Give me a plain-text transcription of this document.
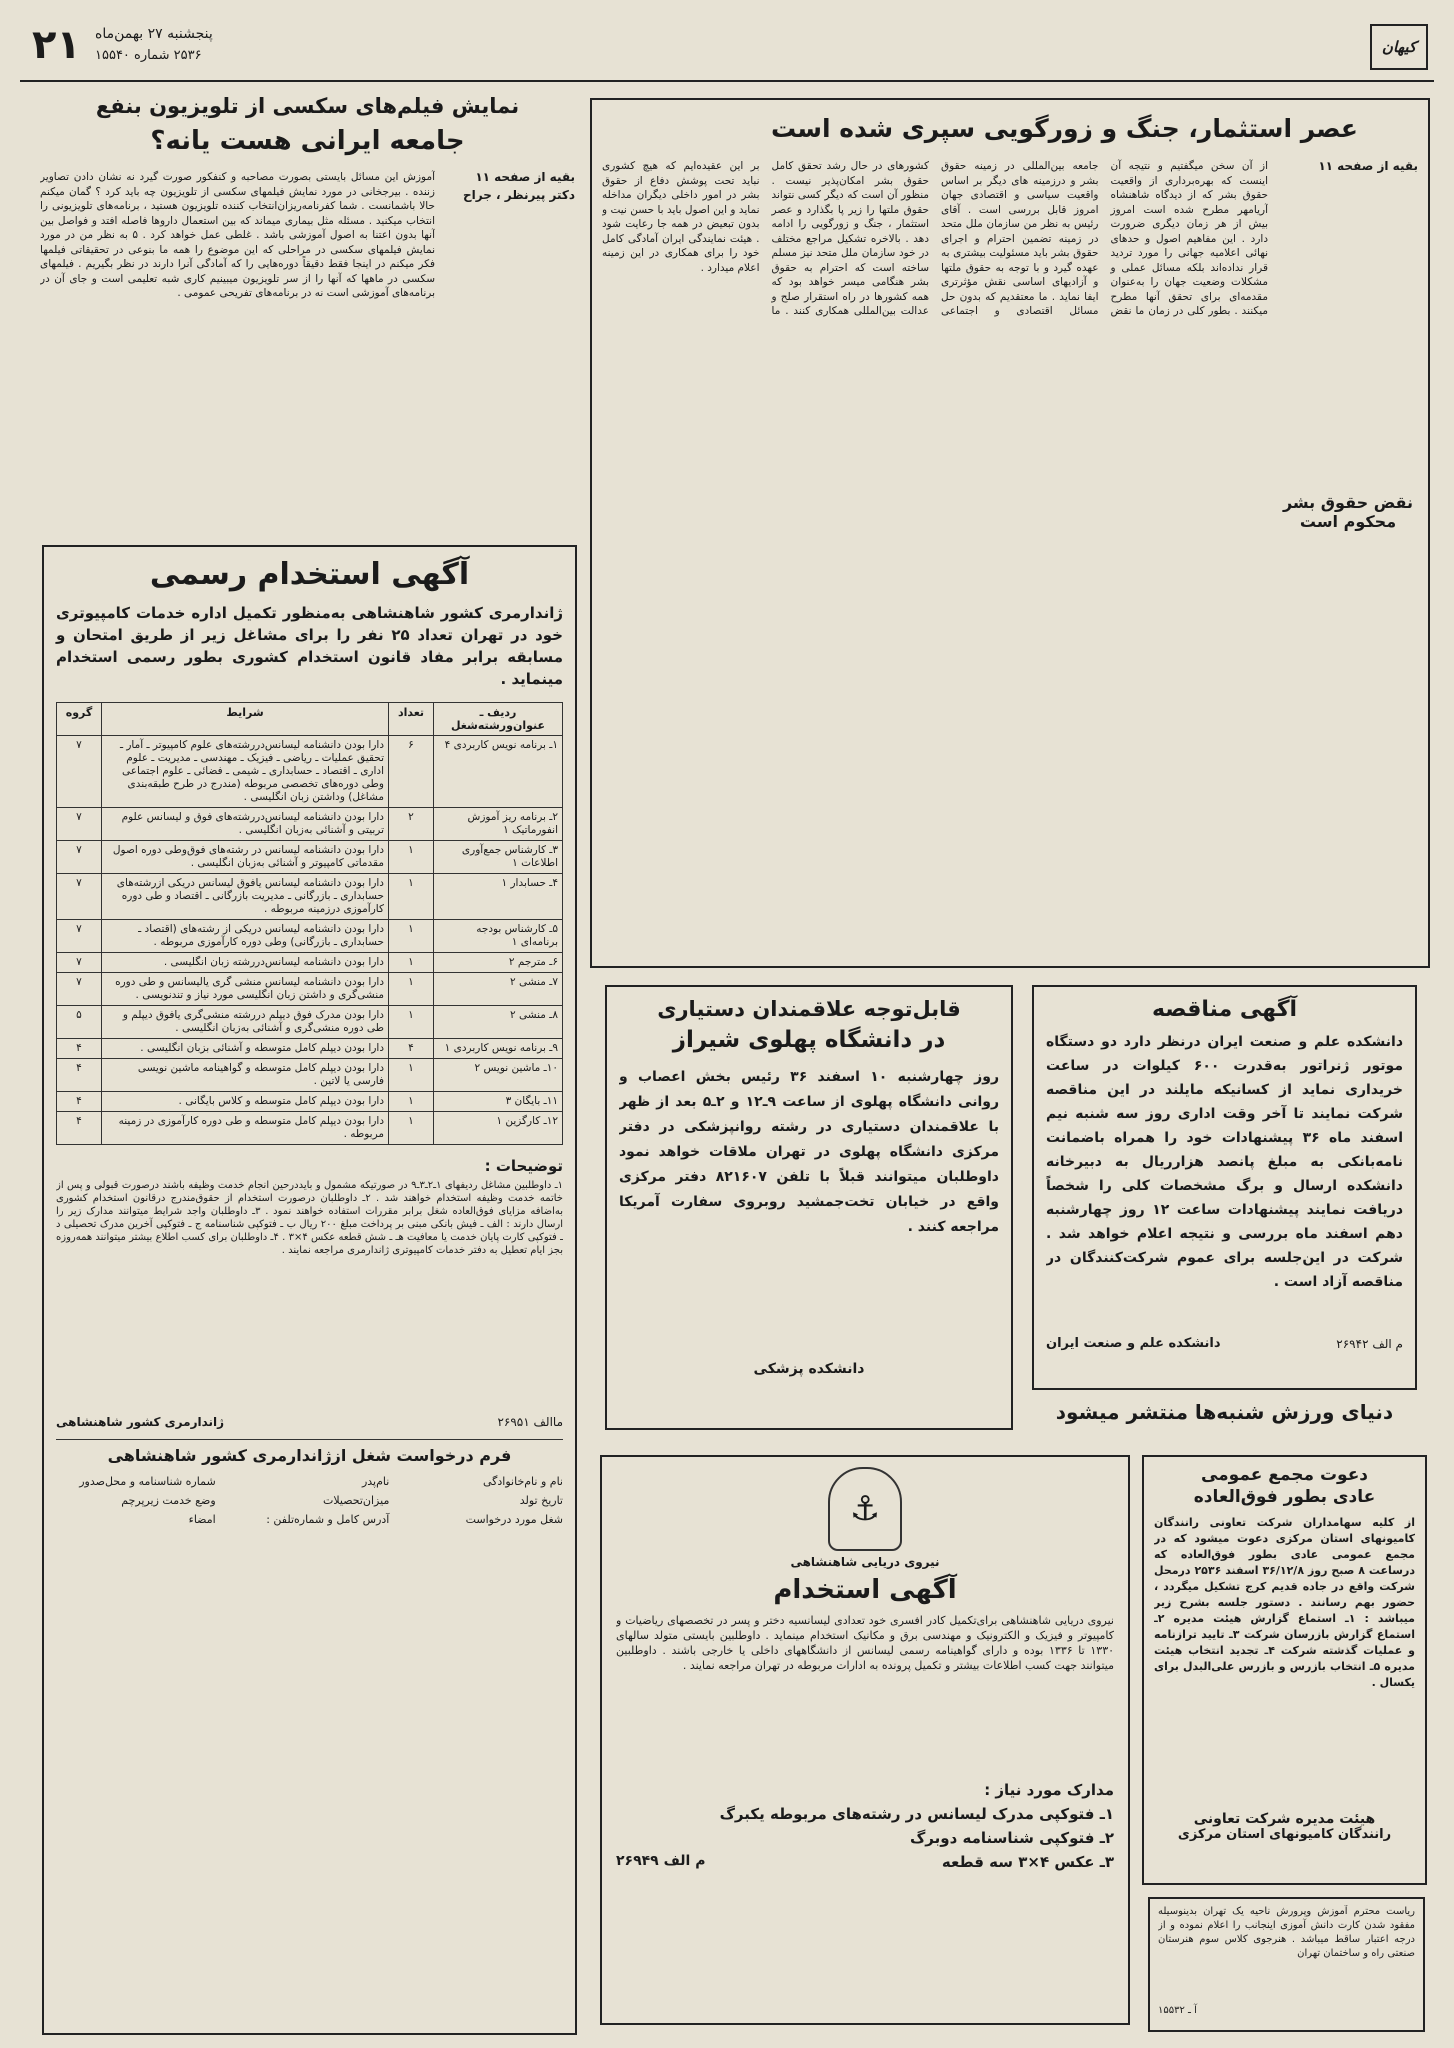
۲۱ پنجشنبه ۲۷ بهمن‌ماه
۲۵۳۶ شماره ۱۵۵۴۰	کیهان
نمایش فیلم‌های سکسی از تلویزیون بنفع
جامعه ایرانی هست یانه؟
بقیه از صفحه ۱۱
دکتر پیرنظر ، جراح
آموزش این مسائل بایستی بصورت مصاحبه و کنفکور صورت گیرد نه نشان دادن تصاویر زننده . بیرجخانی در مورد نمایش فیلمهای سکسی از تلویزیون چه باید کرد ؟ گمان میکنم حالا باشمانست . شما کفرنامه‌ریزان‌انتخاب کننده تلویزیون هستید ، برنامه‌های تلویزیونی را انتخاب میکنید . مسئله مثل بیماری میماند که بین استعمال داروها فاصله افتد و فواصل بین آنها بدون اعتنا به اصول آموزشی باشد . غلطی عمل خواهد کرد . ۵ به نظر من در مورد نمایش فیلمهای سکسی در مراحلی که این موضوع را همه ما بنوعی در تحقیقاتی فیلمها فکر میکنم در اینجا فقط دقیقاً دوره‌هایی را که آمادگی آنرا دارند در نظر بگیریم . فیلمهای سکسی در ماهها که آنها را از سر تلویزیون میبینیم کاری شبه تعلیمی است و جای آن در برنامه‌های آموزشی است نه در برنامه‌های تفریحی عمومی .
عصر استثمار، جنگ و زورگویی سپری شده است
بقیه از صفحه ۱۱
نقض حقوق بشر محکوم است
از آن سخن میگفتیم و نتیجه آن اینست که بهره‌برداری از واقعیت حقوق بشر که از دیدگاه شاهنشاه آریامهر مطرح شده است امروز بیش از هر زمان دیگری ضرورت دارد . این مفاهیم اصول و حدهای نهائی اعلامیه جهانی را مورد تردید قرار نداده‌اند بلکه مسائل عملی و مشکلات وضعیت جهان را به‌عنوان مقدمه‌ای برای تحقق آنها مطرح میکنند . بطور کلی در زمان ما نقض جامعه بین‌المللی در زمینه حقوق بشر و درزمینه های دیگر بر اساس واقعیت سیاسی و اقتصادی جهان امروز قابل بررسی است . آقای رئیس به نظر من سازمان ملل متحد در زمینه تضمین احترام و اجرای حقوق بشر باید مسئولیت بیشتری به عهده گیرد و با توجه به حقوق ملتها و آزادیهای اساسی نقش مؤثرتری ایفا نماید . ما معتقدیم که بدون حل مسائل اقتصادی و اجتماعی کشورهای در حال رشد تحقق کامل حقوق بشر امکان‌پذیر نیست . منظور آن است که دیگر کسی نتواند حقوق ملتها را زیر پا بگذارد و عصر استثمار ، جنگ و زورگویی را ادامه دهد . بالاخره تشکیل مراجع مختلف در خود سازمان ملل متحد نیز مسلم ساخته است که احترام به حقوق بشر هنگامی میسر خواهد بود که همه کشورها در راه استقرار صلح و عدالت بین‌المللی همکاری کنند . ما بر این عقیده‌ایم که هیچ کشوری نباید تحت پوشش دفاع از حقوق بشر در امور داخلی دیگران مداخله نماید و این اصول باید با حسن نیت و بدون تبعیض در همه جا رعایت شود . هیئت نمایندگی ایران آمادگی کامل خود را برای همکاری در این زمینه اعلام میدارد .
آگهی استخدام رسمی
ژاندارمری کشور شاهنشاهی به‌منظور تکمیل اداره خدمات کامپیوتری خود در تهران تعداد ۲۵ نفر را برای مشاغل زیر از طریق امتحان و مسابقه برابر مفاد قانون استخدام کشوری بطور رسمی استخدام مینماید .
ردیف ـ عنوان‌ورشته‌شغل	تعداد	شرایط	گروه
۱ـ برنامه نویس کاربردی ۴	۶	دارا بودن دانشنامه لیسانس‌دررشته‌های علوم کامپیوتر ـ آمار ـ تحقیق عملیات ـ ریاضی ـ فیزیک ـ مهندسی ـ مدیریت ـ علوم اداری ـ اقتصاد ـ حسابداری ـ شیمی ـ فضائی ـ علوم اجتماعی وطی دوره‌های تخصصی مربوطه (مندرج در طرح طبقه‌بندی مشاغل) وداشتن زبان انگلیسی .	۷
۲ـ برنامه ریز آموزش انفورماتیک ۱	۲	دارا بودن دانشنامه لیسانس‌دررشته‌های فوق و لیسانس علوم تربیتی و آشنائی به‌زبان انگلیسی .	۷
۳ـ کارشناس جمع‌آوری اطلاعات ۱	۱	دارا بودن دانشنامه لیسانس در رشته‌های فوق‌وطی دوره اصول مقدماتی کامپیوتر و آشنائی به‌زبان انگلیسی .	۷
۴ـ حسابدار ۱	۱	دارا بودن دانشنامه لیسانس یافوق لیسانس دریکی ازرشته‌های حسابداری ـ بازرگانی ـ مدیریت بازرگانی ـ اقتصاد و طی دوره کارآموزی درزمینه مربوطه .	۷
۵ـ کارشناس بودجه برنامه‌ای ۱	۱	دارا بودن دانشنامه لیسانس دریکی از رشته‌های (اقتصاد ـ حسابداری ـ بازرگانی) وطی دوره کارآموزی مربوطه .	۷
۶ـ مترجم ۲	۱	دارا بودن دانشنامه لیسانس‌دررشته زبان انگلیسی .	۷
۷ـ منشی ۲	۱	دارا بودن دانشنامه لیسانس منشی گری یالیسانس و طی دوره منشی‌گری و داشتن زبان انگلیسی مورد نیاز و تندنویسی .	۷
۸ـ منشی ۲	۱	دارا بودن مدرک فوق دیپلم دررشته منشی‌گری یافوق دیپلم و طی دوره منشی‌گری و آشنائی به‌زبان انگلیسی .	۵
۹ـ برنامه نویس کاربردی ۱	۴	دارا بودن دیپلم کامل متوسطه و آشنائی بزبان انگلیسی .	۴
۱۰ـ ماشین نویس ۲	۱	دارا بودن دیپلم کامل متوسطه و گواهینامه ماشین نویسی فارسی یا لاتین .	۴
۱۱ـ بایگان ۳	۱	دارا بودن دیپلم کامل متوسطه و کلاس بایگانی .	۴
۱۲ـ کارگزین ۱	۱	دارا بودن دیپلم کامل متوسطه و طی دوره کارآموزی در زمینه مربوطه .	۴
توضیحات :
۱ـ داوطلبین مشاغل ردیفهای ۱ـ۲ـ۳ـ۹ در صورتیکه مشمول و بایددرحین انجام خدمت وظیفه باشند درصورت قبولی و پس از خاتمه خدمت وظیفه استخدام خواهند شد . ۲ـ داوطلبان درصورت استخدام از حقوق‌مندرج درقانون استخدام کشوری به‌اضافه مزایای فوق‌العاده شغل برابر مقررات استفاده خواهند نمود . ۳ـ داوطلبان واجد شرایط میتوانند مدارک زیر را ارسال دارند : الف ـ فیش بانکی مبنی بر پرداخت مبلغ ۲۰۰ ریال ب ـ فتوکپی شناسنامه ج ـ فتوکپی آخرین مدرک تحصیلی د ـ فتوکپی کارت پایان خدمت یا معافیت هـ ـ شش قطعه عکس ۴×۳ . ۴ـ داوطلبان برای کسب اطلاع بیشتر میتوانند همه‌روزه بجز ایام تعطیل به دفتر خدمات کامپیوتری ژاندارمری مراجعه نمایند .
ماالف ۲۶۹۵۱
ژاندارمری کشور شاهنشاهی
فرم درخواست شغل ازژاندارمری کشور شاهنشاهی
نام و نام‌خانوادگی
نام‌پدر
شماره شناسنامه و محل‌صدور
تاریخ تولد
میزان‌تحصیلات
وضع خدمت زیرپرچم
شغل مورد درخواست
آدرس کامل و شماره‌تلفن :
امضاء
آگهی مناقصه
دانشکده علم و صنعت ایران درنظر دارد دو دستگاه موتور ژنراتور به‌قدرت ۶۰۰ کیلوات در ساعت خریداری نماید از کسانیکه مایلند در این مناقصه شرکت نمایند تا آخر وقت اداری روز سه شنبه نیم اسفند ماه ۳۶ پیشنهادات خود را همراه باضمانت نامه‌بانکی به مبلغ پانصد هزارریال به دبیرخانه دانشکده ارسال و برگ مشخصات کلی را شخصاً دریافت نمایند پیشنهادات ساعت ۱۲ روز چهارشنبه دهم اسفند ماه بررسی و نتیجه اعلام خواهد شد . شرکت در این‌جلسه برای عموم شرکت‌کنندگان در مناقصه آزاد است .
م الف ۲۶۹۴۲
دانشکده علم و صنعت ایران
قابل‌توجه علاقمندان دستیاری
در دانشگاه پهلوی شیراز
روز چهارشنبه ۱۰ اسفند ۳۶ رئیس بخش اعصاب و روانی دانشگاه پهلوی از ساعت ۹ـ۱۲ و ۲ـ۵ بعد از ظهر با علاقمندان دستیاری در رشته روانپزشکی در دفتر مرکزی دانشگاه پهلوی در تهران ملاقات خواهد نمود داوطلبان میتوانند قبلاً با تلفن ۸۲۱۶۰۷ دفتر مرکزی واقع در خیابان تخت‌جمشید روبروی سفارت آمریکا مراجعه کنند .
دانشکده پزشکی
دنیای ورزش شنبه‌ها منتشر میشود
دعوت مجمع عمومی
عادی بطور فوق‌العاده
از کلیه سهامداران شرکت تعاونی رانندگان کامیونهای استان مرکزی دعوت میشود که در مجمع عمومی عادی بطور فوق‌العاده که درساعت ۸ صبح روز ۳۶/۱۲/۸ اسفند ۲۵۳۶ درمحل شرکت واقع در جاده قدیم کرج تشکیل میگردد ، حضور بهم رسانند . دستور جلسه بشرح زیر میباشد : ۱ـ استماع گزارش هیئت مدیره ۲ـ استماع گزارش بازرسان شرکت ۳ـ تایید ترازنامه و عملیات گذشته شرکت ۴ـ تجدید انتخاب هیئت مدیره ۵ـ انتخاب بازرس و بازرس علی‌البدل برای یکسال .
هیئت مدیره شرکت تعاونی
رانندگان کامیونهای استان مرکزی
⚓
نیروی دریایی شاهنشاهی
آگهی استخدام
نیروی دریایی شاهنشاهی برای‌تکمیل کادر افسری خود تعدادی لیسانسیه دختر و پسر در تخصصهای ریاضیات و کامپیوتر و فیزیک و الکترونیک و مهندسی برق و مکانیک استخدام مینماید . داوطلبین بایستی متولد سالهای ۱۳۳۰ تا ۱۳۳۶ بوده و دارای گواهینامه رسمی لیسانس از دانشگاههای داخلی یا خارجی باشند . داوطلبین میتوانند جهت کسب اطلاعات بیشتر و تکمیل پرونده به ادارات مربوطه در تهران مراجعه نمایند .
مدارک مورد نیاز :
۱ـ فتوکپی مدرک لیسانس در رشته‌های مربوطه یکبرگ
۲ـ فتوکپی شناسنامه دوبرگ
۳ـ عکس ۴×۳ سه قطعه
م الف ۲۶۹۴۹
ریاست محترم آموزش وپرورش ناحیه یک تهران بدینوسیله مفقود شدن کارت دانش آموزی اینجانب را اعلام نموده و از درجه اعتبار ساقط میباشد . هنرجوی کلاس سوم هنرستان صنعتی راه و ساختمان تهران
آ ـ ۱۵۵۳۲
